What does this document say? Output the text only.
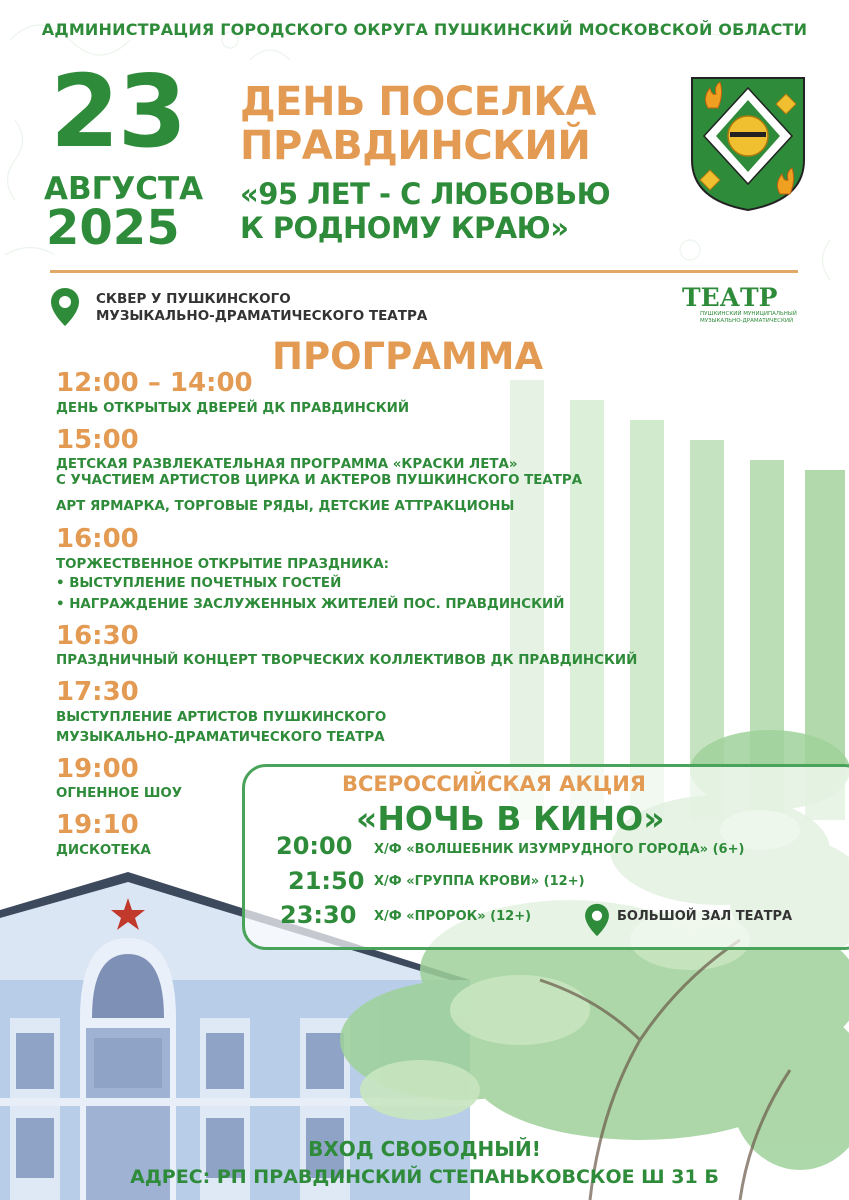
АДМИНИСТРАЦИЯ ГОРОДСКОГО ОКРУГА ПУШКИНСКИЙ МОСКОВСКОЙ ОБЛАСТИ
23
АВГУСТА
2025
ДЕНЬ ПОСЕЛКА
ПРАВДИНСКИЙ
«95 ЛЕТ - С ЛЮБОВЬЮ
К РОДНОМУ КРАЮ»
СКВЕР У ПУШКИНСКОГО
МУЗЫКАЛЬНО-ДРАМАТИЧЕСКОГО ТЕАТРА
ТЕАТР
ПУШКИНСКИЙ МУНИЦИПАЛЬНЫЙ
МУЗЫКАЛЬНО-ДРАМАТИЧЕСКИЙ
ПРОГРАММА
12:00 – 14:00
ДЕНЬ ОТКРЫТЫХ ДВЕРЕЙ ДК ПРАВДИНСКИЙ
15:00
ДЕТСКАЯ РАЗВЛЕКАТЕЛЬНАЯ ПРОГРАММА «КРАСКИ ЛЕТА»
С УЧАСТИЕМ АРТИСТОВ ЦИРКА И АКТЕРОВ ПУШКИНСКОГО ТЕАТРА
АРТ ЯРМАРКА, ТОРГОВЫЕ РЯДЫ, ДЕТСКИЕ АТТРАКЦИОНЫ
16:00
ТОРЖЕСТВЕННОЕ ОТКРЫТИЕ ПРАЗДНИКА:
• ВЫСТУПЛЕНИЕ ПОЧЕТНЫХ ГОСТЕЙ
• НАГРАЖДЕНИЕ ЗАСЛУЖЕННЫХ ЖИТЕЛЕЙ ПОС. ПРАВДИНСКИЙ
16:30
ПРАЗДНИЧНЫЙ КОНЦЕРТ ТВОРЧЕСКИХ КОЛЛЕКТИВОВ ДК ПРАВДИНСКИЙ
17:30
ВЫСТУПЛЕНИЕ АРТИСТОВ ПУШКИНСКОГО
МУЗЫКАЛЬНО-ДРАМАТИЧЕСКОГО ТЕАТРА
19:00
ОГНЕННОЕ ШОУ
19:10
ДИСКОТЕКА
ВСЕРОССИЙСКАЯ АКЦИЯ
«НОЧЬ В КИНО»
20:00 Х/Ф «ВОЛШЕБНИК ИЗУМРУДНОГО ГОРОДА» (6+)
21:50 Х/Ф «ГРУППА КРОВИ» (12+)
23:30 Х/Ф «ПРОРОК» (12+)	БОЛЬШОЙ ЗАЛ ТЕАТРА
ВХОД СВОБОДНЫЙ!
АДРЕС: РП ПРАВДИНСКИЙ СТЕПАНЬКОВСКОЕ Ш 31 Б
